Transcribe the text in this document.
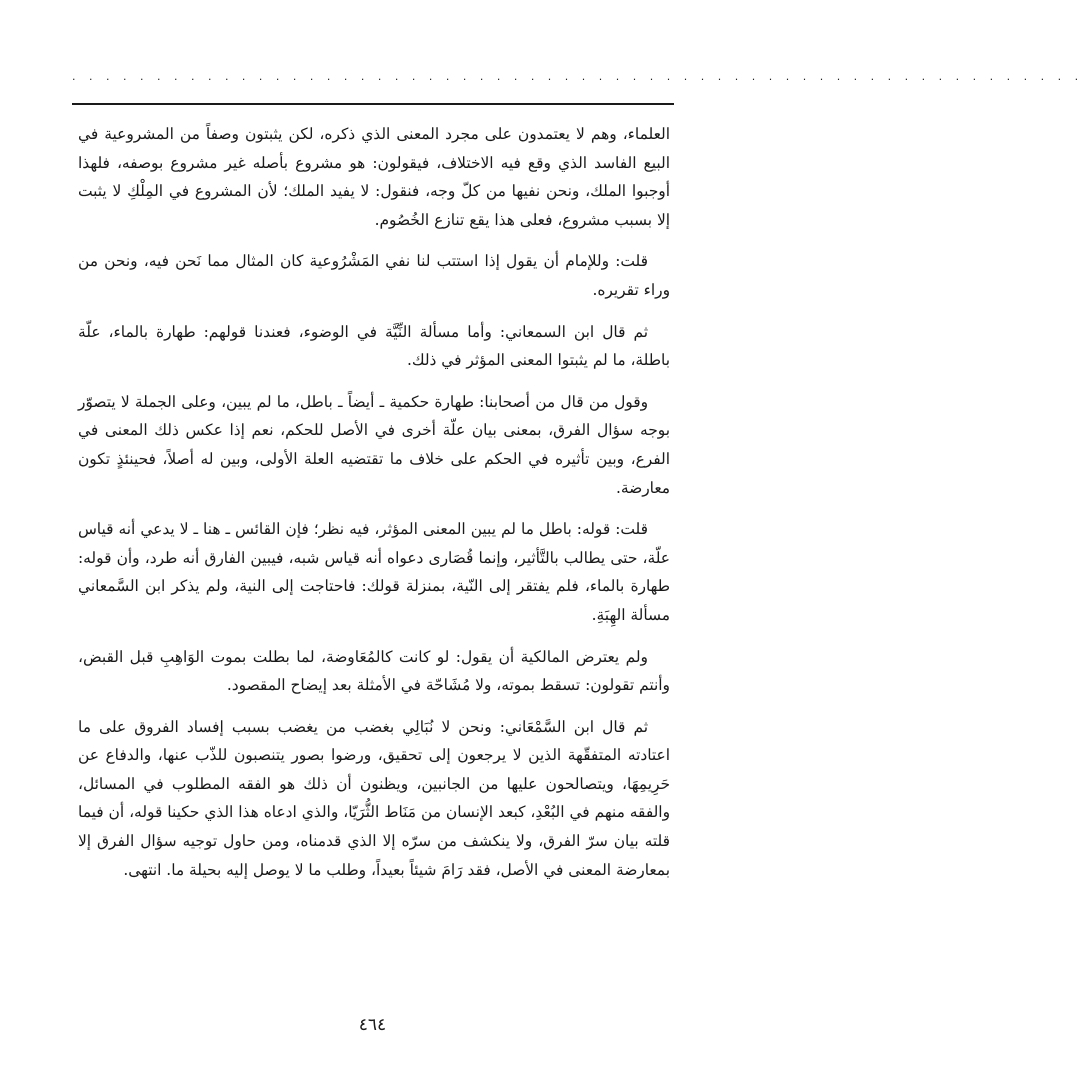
. . . . . . . . . . . . . . . . . . . . . . . . . . . . . . . . . . . . . . . . . . . . . . . . . . . . . . . . . . . .

العلماء، وهم لا يعتمدون على مجرد المعنى الذي ذكره، لكن يثبتون وصفاً من المشروعية في البيع الفاسد الذي وقع فيه الاختلاف، فيقولون: هو مشروع بأصله غير مشروع بوصفه، فلهذا أوجبوا الملك، ونحن نفيها من كلّ وجه، فنقول: لا يفيد الملك؛ لأن المشروع في المِلْكِ لا يثبت إلا بسبب مشروع، فعلى هذا يقع تنازع الخُصُوم.

قلت: وللإمام أن يقول إذا استتب لنا نفي المَشْرُوعية كان المثال مما نَحن فيه، ونحن من وراء تقريره.

ثم قال ابن السمعاني: وأما مسألة النِّيَّة في الوضوء، فعندنا قولهم: طهارة بالماء، علّة باطلة، ما لم يثبتوا المعنى المؤثر في ذلك.

وقول من قال من أصحابنا: طهارة حكمية ـ أيضاً ـ باطل، ما لم يبين، وعلى الجملة لا يتصوّر بوجه سؤال الفرق، بمعنى بيان علّة أخرى في الأصل للحكم، نعم إذا عكس ذلك المعنى في الفرع، وبين تأثيره في الحكم على خلاف ما تقتضيه العلة الأولى، وبين له أصلاً، فحينئذٍ تكون معارضة.

قلت: قوله: باطل ما لم يبين المعنى المؤثر، فيه نظر؛ فإن القائس ـ هنا ـ لا يدعي أنه قياس علّة، حتى يطالب بالتَّأثير، وإنما قُصَارى دعواه أنه قياس شبه، فيبين الفارق أنه طرد، وأن قوله: طهارة بالماء، فلم يفتقر إلى النّية، بمنزلة قولك: فاحتاجت إلى النية، ولم يذكر ابن السَّمعاني مسألة الهِبَةِ.

ولم يعترض المالكية أن يقول: لو كانت كالمُعَاوضة، لما بطلت بموت الوَاهِبِ قبل القبض، وأنتم تقولون: تسقط بموته، ولا مُشَاحّة في الأمثلة بعد إيضاح المقصود.

ثم قال ابن السَّمْعَاني: ونحن لا نُبَالِي بغضب من يغضب بسبب إفساد الفروق على ما اعتادته المتفقّهة الذين لا يرجعون إلى تحقيق، ورضوا بصور يتنصبون للذّب عنها، والدفاع عن حَرِيمِهَا، ويتصالحون عليها من الجانبين، ويظنون أن ذلك هو الفقه المطلوب في المسائل، والفقه منهم في البُعْدِ، كبعد الإنسان من مَنَاط الثُّرَيّا، والذي ادعاه هذا الذي حكينا قوله، أن فيما قلته بيان سرّ الفرق، ولا ينكشف من سرّه إلا الذي قدمناه، ومن حاول توجيه سؤال الفرق إلا بمعارضة المعنى في الأصل، فقد رَامَ شيئاً بعيداً، وطلب ما لا يوصل إليه بحيلة ما. انتهى.

٤٦٤
